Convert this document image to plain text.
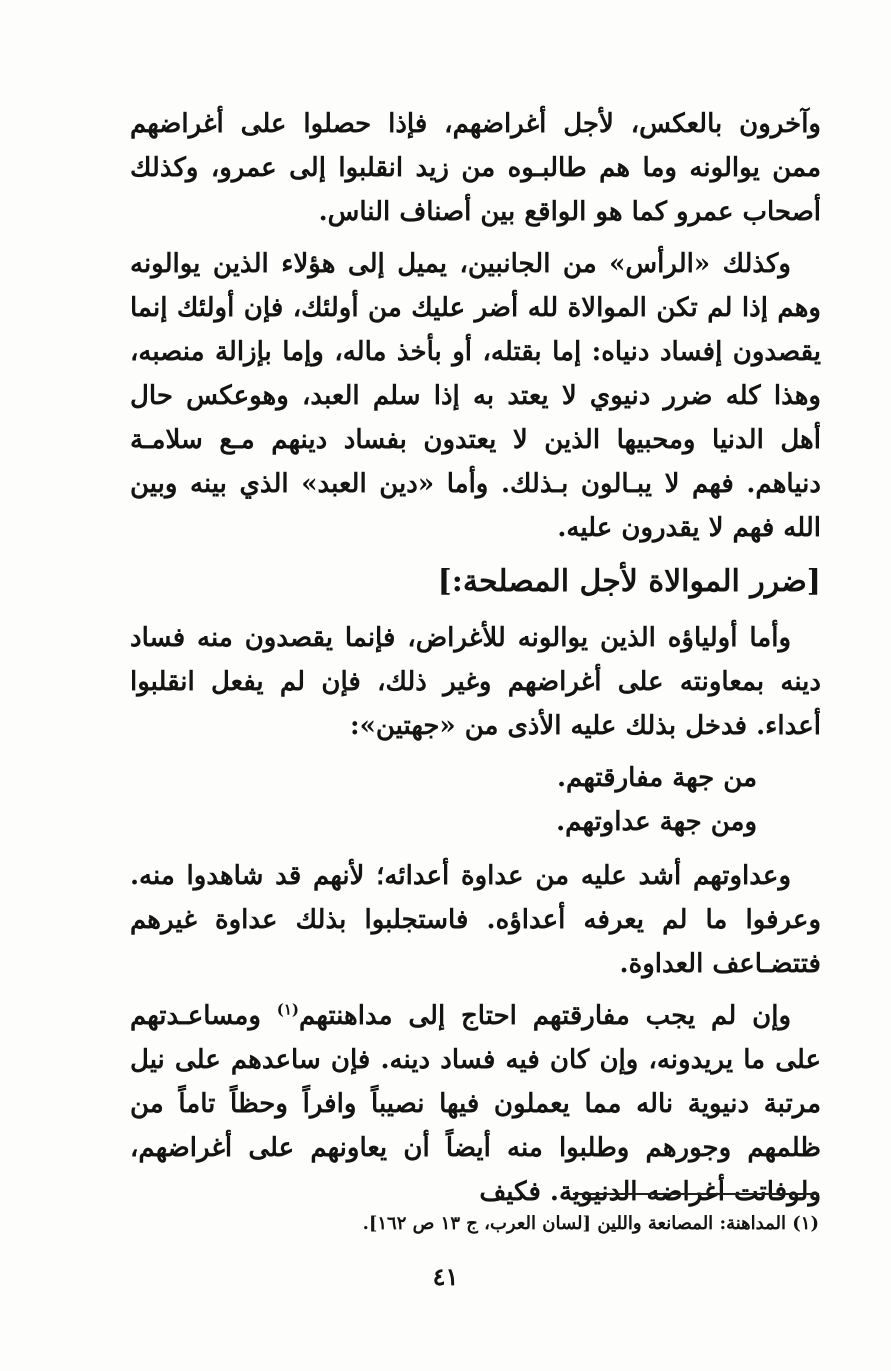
وآخرون بالعكس، لأجل أغراضهم، فإذا حصلوا على أغراضهم ممن يوالونه وما هم طالبـوه من زيد انقلبوا إلى عمرو، وكذلك أصحاب عمرو كما هو الواقع بين أصناف الناس.

وكذلك «الرأس» من الجانبين، يميل إلى هؤلاء الذين يوالونه وهم إذا لم تكن الموالاة لله أضر عليك من أولئك، فإن أولئك إنما يقصدون إفساد دنياه: إما بقتله، أو بأخذ ماله، وإما بإزالة منصبه، وهذا كله ضرر دنيوي لا يعتد به إذا سلم العبد، وهوعكس حال أهل الدنيا ومحبيها الذين لا يعتدون بفساد دينهم مـع سلامـة دنياهم. فهم لا يبـالون بـذلك. وأما «دين العبد» الذي بينه وبين الله فهم لا يقدرون عليه.

[ضرر الموالاة لأجل المصلحة:]

وأما أولياؤه الذين يوالونه للأغراض، فإنما يقصدون منه فساد دينه بمعاونته على أغراضهم وغير ذلك، فإن لم يفعل انقلبوا أعداء. فدخل بذلك عليه الأذى من «جهتين»:

من جهة مفارقتهم.

ومن جهة عداوتهم.

وعداوتهم أشد عليه من عداوة أعدائه؛ لأنهم قد شاهدوا منه. وعرفوا ما لم يعرفه أعداؤه. فاستجلبوا بذلك عداوة غيرهم فتتضـاعف العداوة.

وإن لم يجب مفارقتهم احتاج إلى مداهنتهم$^{(١)}$ ومساعـدتهم على ما يريدونه، وإن كان فيه فساد دينه. فإن ساعدهم على نيل مرتبة دنيوية ناله مما يعملون فيها نصيباً وافراً وحظاً تاماً من ظلمهم وجورهم وطلبوا منه أيضاً أن يعاونهم على أغراضهم، ولوفاتت أغراضه الدنيوية. فكيف

(١) المداهنة: المصانعة واللين [لسان العرب، ج ١٣ ص ١٦٢].
٤١
